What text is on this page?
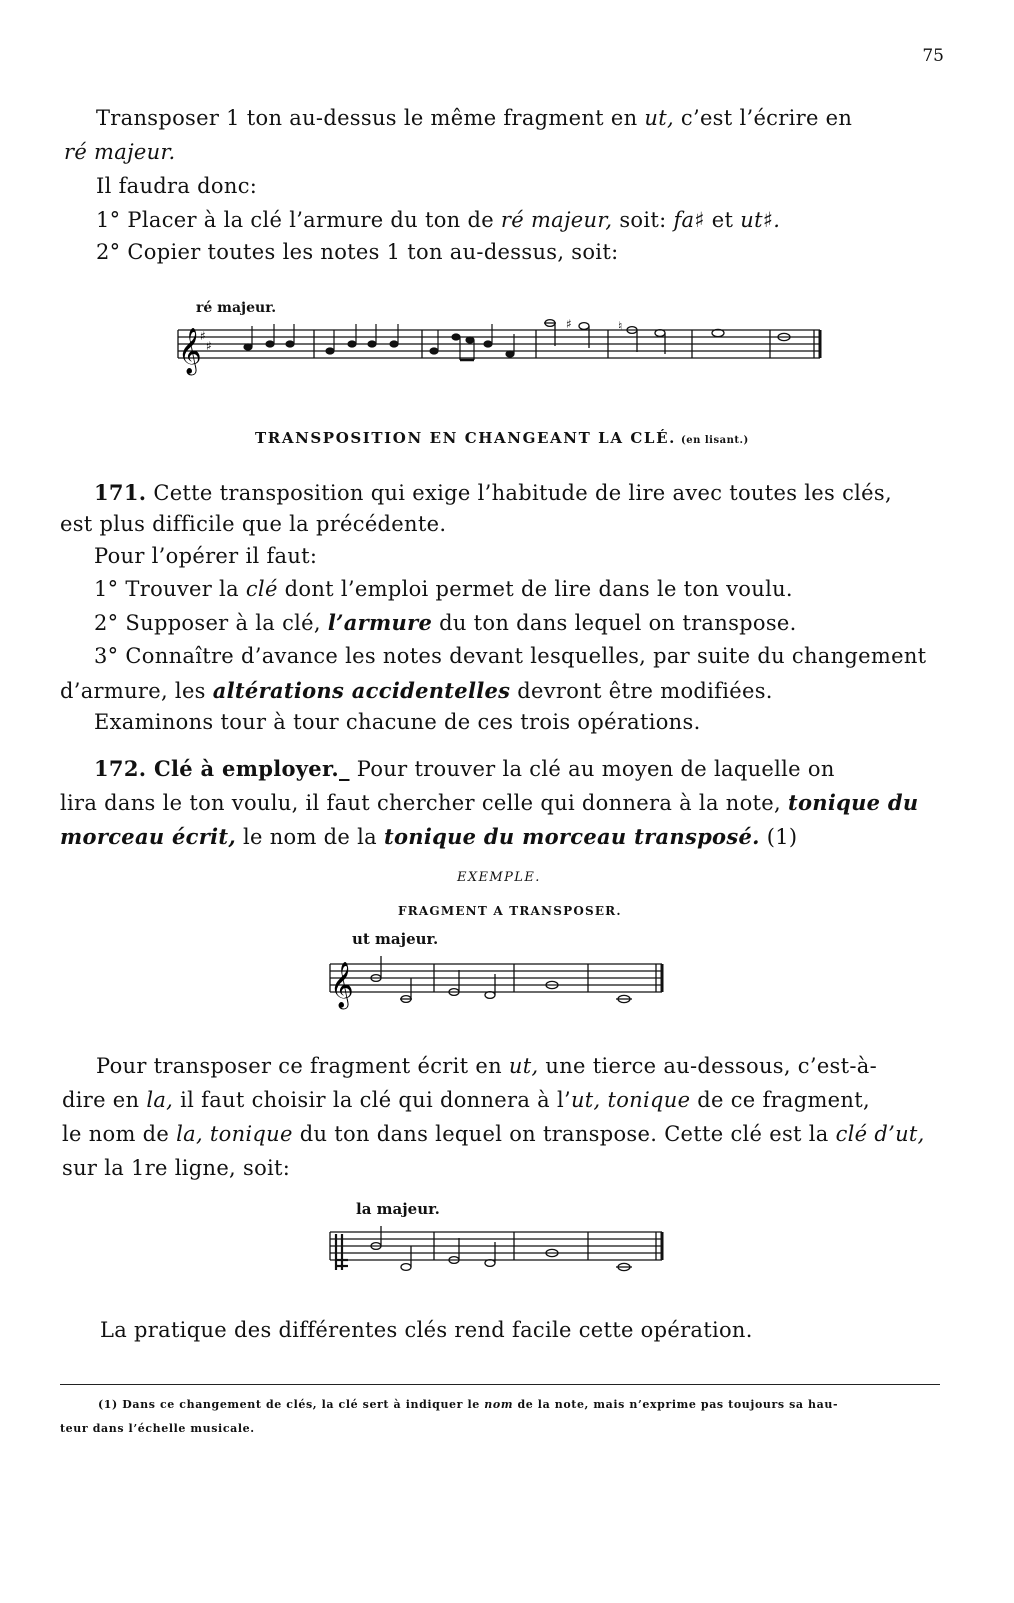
75
Transposer 1 ton au-dessus le même fragment en ut, c’est l’écrire en
ré majeur.
Il faudra donc:
1° Placer à la clé l’armure du ton de ré majeur, soit: fa♯ et ut♯.
2° Copier toutes les notes 1 ton au-dessus, soit:
ré majeur.
𝄞
♯
♯
♯	♮
TRANSPOSITION EN CHANGEANT LA CLÉ. (en lisant.)
171. Cette transposition qui exige l’habitude de lire avec toutes les clés,
est plus difficile que la précédente.
Pour l’opérer il faut:
1° Trouver la clé dont l’emploi permet de lire dans le ton voulu.
2° Supposer à la clé, l’armure du ton dans lequel on transpose.
3° Connaître d’avance les notes devant lesquelles, par suite du changement
d’armure, les altérations accidentelles devront être modifiées.
Examinons tour à tour chacune de ces trois opérations.
172. Clé à employer._ Pour trouver la clé au moyen de laquelle on
lira dans le ton voulu, il faut chercher celle qui donnera à la note, tonique du
morceau écrit, le nom de la tonique du morceau transposé. (1)
EXEMPLE.
FRAGMENT A TRANSPOSER.
ut majeur.
𝄞
Pour transposer ce fragment écrit en ut, une tierce au-dessous, c’est-à-
dire en la, il faut choisir la clé qui donnera à l’ut, tonique de ce fragment,
le nom de la, tonique du ton dans lequel on transpose. Cette clé est la clé d’ut,
sur la 1re ligne, soit:
la majeur.
La pratique des différentes clés rend facile cette opération.
(1) Dans ce changement de clés, la clé sert à indiquer le nom de la note, mais n’exprime pas toujours sa hau-
teur dans l’échelle musicale.
